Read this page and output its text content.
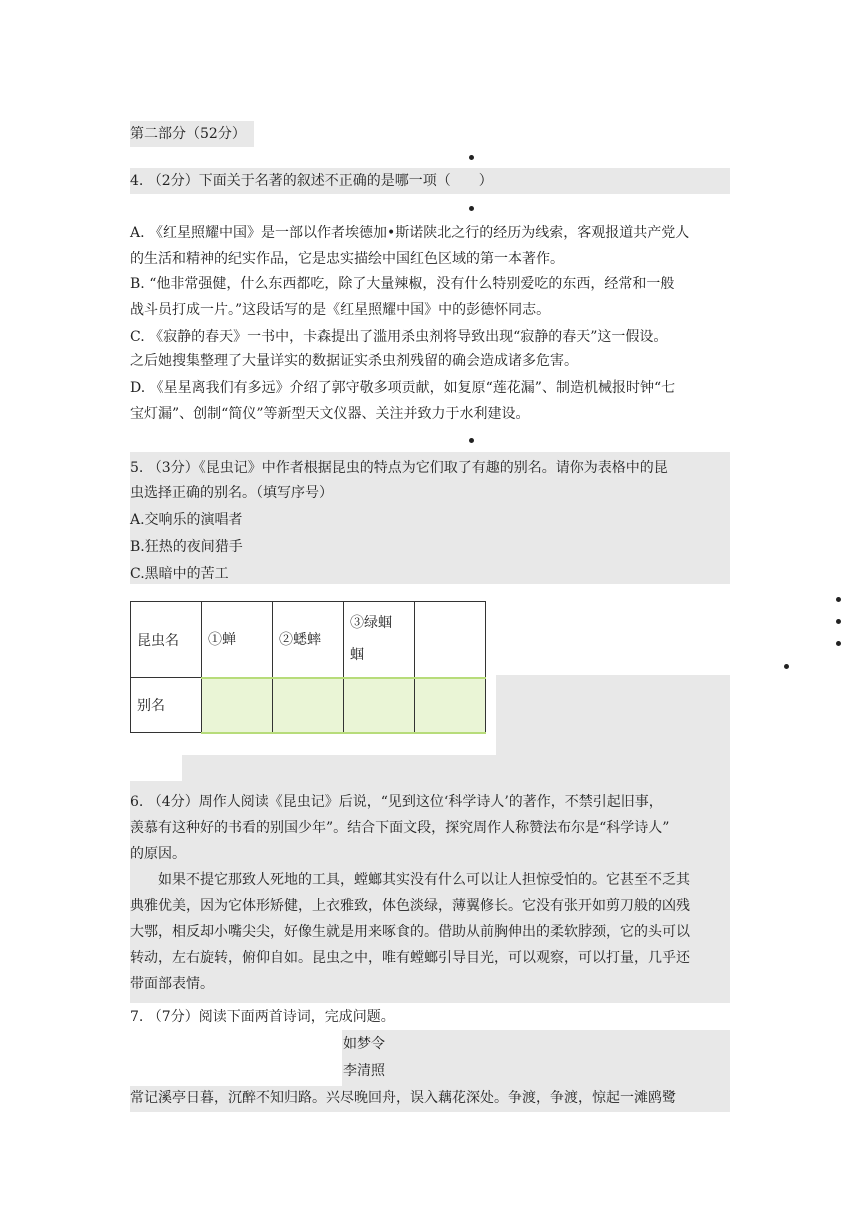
第二部分（52分）
4. （2分）下面关于名著的叙述不正确的是哪一项（　　）
A. 《红星照耀中国》是一部以作者埃德加•斯诺陕北之行的经历为线索，客观报道共产党人
的生活和精神的纪实作品，它是忠实描绘中国红色区域的第一本著作。
B. “他非常强健，什么东西都吃，除了大量辣椒，没有什么特别爱吃的东西，经常和一般
战斗员打成一片。”这段话写的是《红星照耀中国》中的彭德怀同志。
C. 《寂静的春天》一书中，卡森提出了滥用杀虫剂将导致出现“寂静的春天”这一假设。
之后她搜集整理了大量详实的数据证实杀虫剂残留的确会造成诸多危害。
D. 《星星离我们有多远》介绍了郭守敬多项贡献，如复原“莲花漏”、制造机械报时钟“七
宝灯漏”、创制“简仪”等新型天文仪器、关注并致力于水利建设。
5. （3分）《昆虫记》中作者根据昆虫的特点为它们取了有趣的别名。请你为表格中的昆
虫选择正确的别名。（填写序号）
A.交响乐的演唱者
B.狂热的夜间猎手
C.黑暗中的苦工
昆虫名	①蝉	②蟋蟀	③绿蝈
蝈	

别名				
6. （4分）周作人阅读《昆虫记》后说，“见到这位‘科学诗人’的著作，不禁引起旧事，
羡慕有这种好的书看的别国少年”。结合下面文段，探究周作人称赞法布尔是“科学诗人”
的原因。
如果不提它那致人死地的工具，螳螂其实没有什么可以让人担惊受怕的。它甚至不乏其
典雅优美，因为它体形矫健，上衣雅致，体色淡绿，薄翼修长。它没有张开如剪刀般的凶残
大鄂，相反却小嘴尖尖，好像生就是用来啄食的。借助从前胸伸出的柔软脖颈，它的头可以
转动，左右旋转，俯仰自如。昆虫之中，唯有螳螂引导目光，可以观察，可以打量，几乎还
带面部表情。
7. （7分）阅读下面两首诗词，完成问题。
如梦令
李清照
常记溪亭日暮，沉醉不知归路。兴尽晚回舟，误入藕花深处。争渡，争渡，惊起一滩鸥鹭
